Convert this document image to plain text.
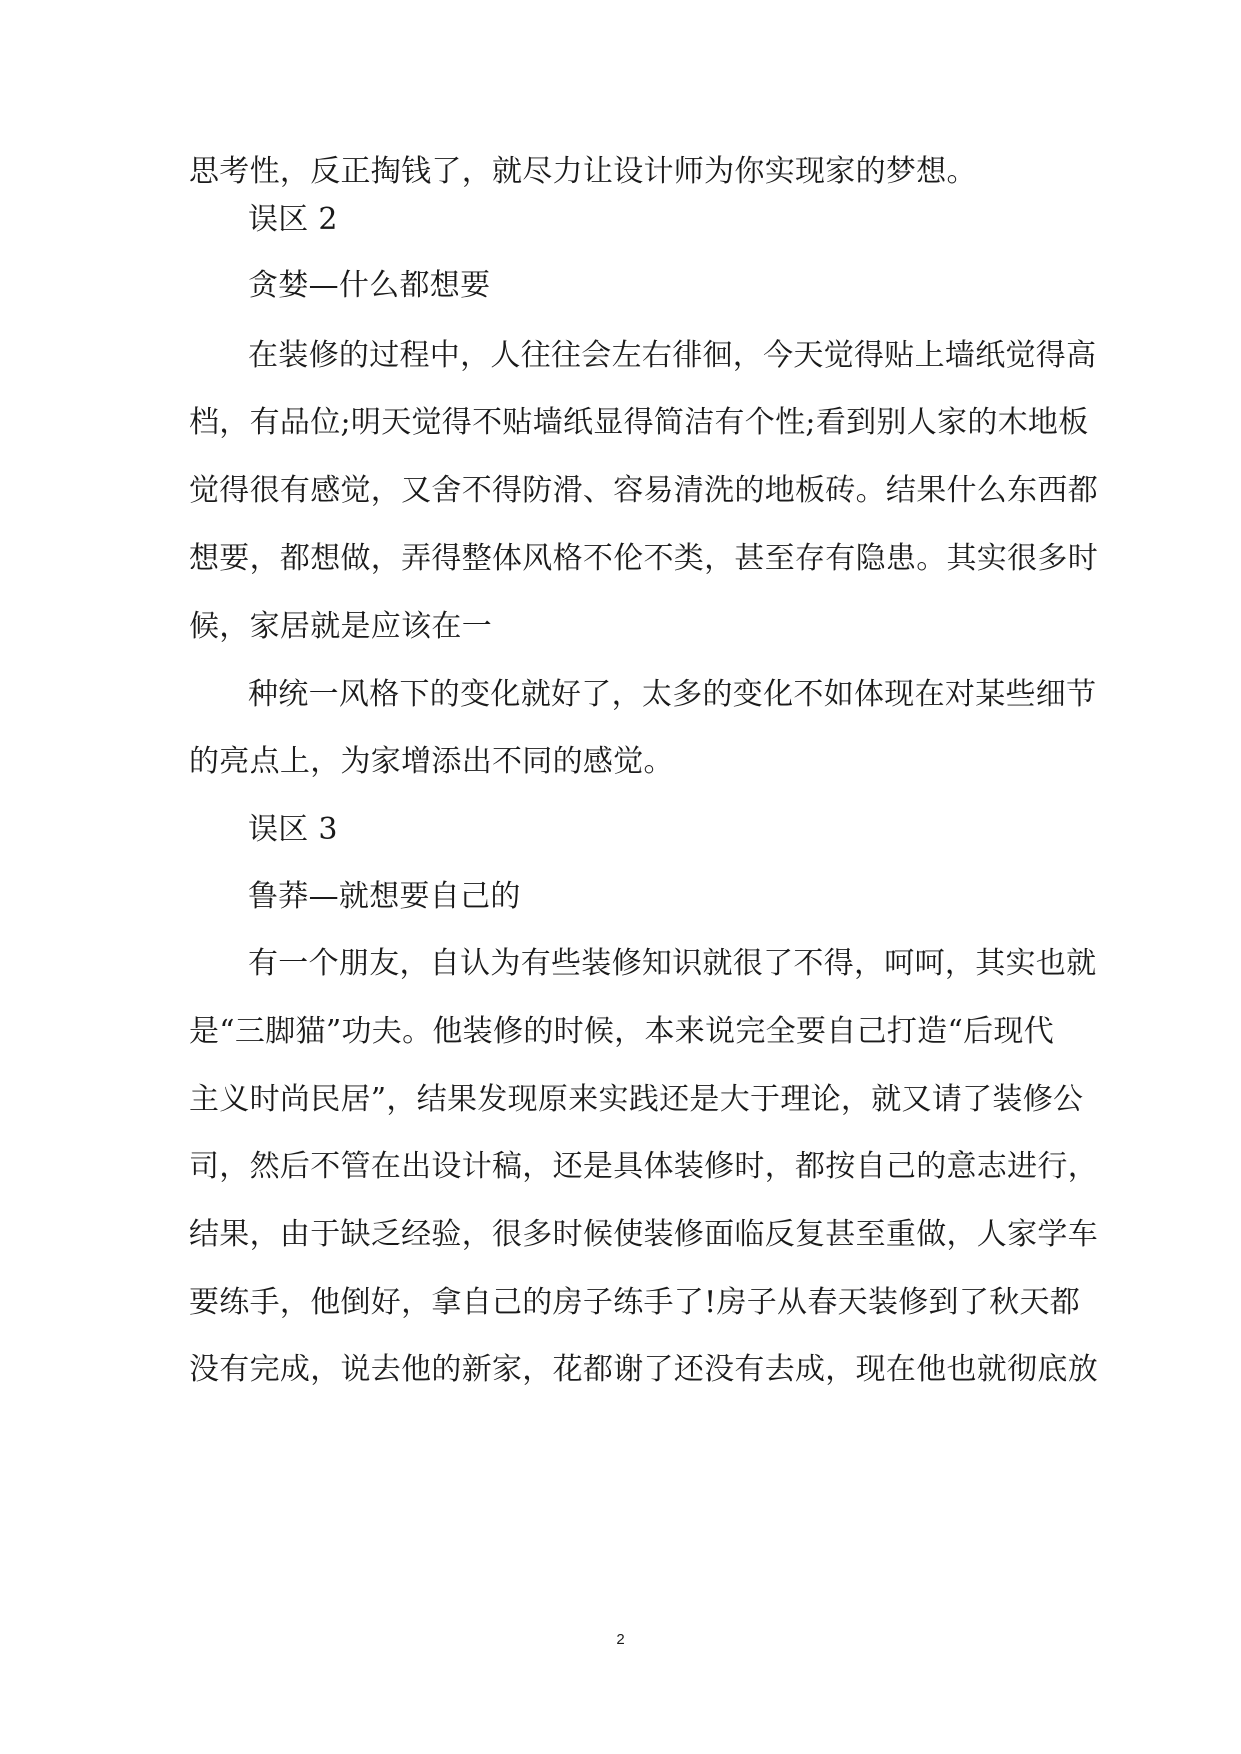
思考性，反正掏钱了，就尽力让设计师为你实现家的梦想。
误区 2
贪婪—什么都想要
在装修的过程中，人往往会左右徘徊，今天觉得贴上墙纸觉得高
档，有品位;明天觉得不贴墙纸显得简洁有个性;看到别人家的木地板
觉得很有感觉，又舍不得防滑、容易清洗的地板砖。结果什么东西都
想要，都想做，弄得整体风格不伦不类，甚至存有隐患。其实很多时
候，家居就是应该在一
种统一风格下的变化就好了，太多的变化不如体现在对某些细节
的亮点上，为家增添出不同的感觉。
误区 3
鲁莽—就想要自己的
有一个朋友，自认为有些装修知识就很了不得，呵呵，其实也就
是“三脚猫”功夫。他装修的时候，本来说完全要自己打造“后现代
主义时尚民居”，结果发现原来实践还是大于理论，就又请了装修公
司，然后不管在出设计稿，还是具体装修时，都按自己的意志进行，
结果，由于缺乏经验，很多时候使装修面临反复甚至重做，人家学车
要练手，他倒好，拿自己的房子练手了!房子从春天装修到了秋天都
没有完成，说去他的新家，花都谢了还没有去成，现在他也就彻底放
2
